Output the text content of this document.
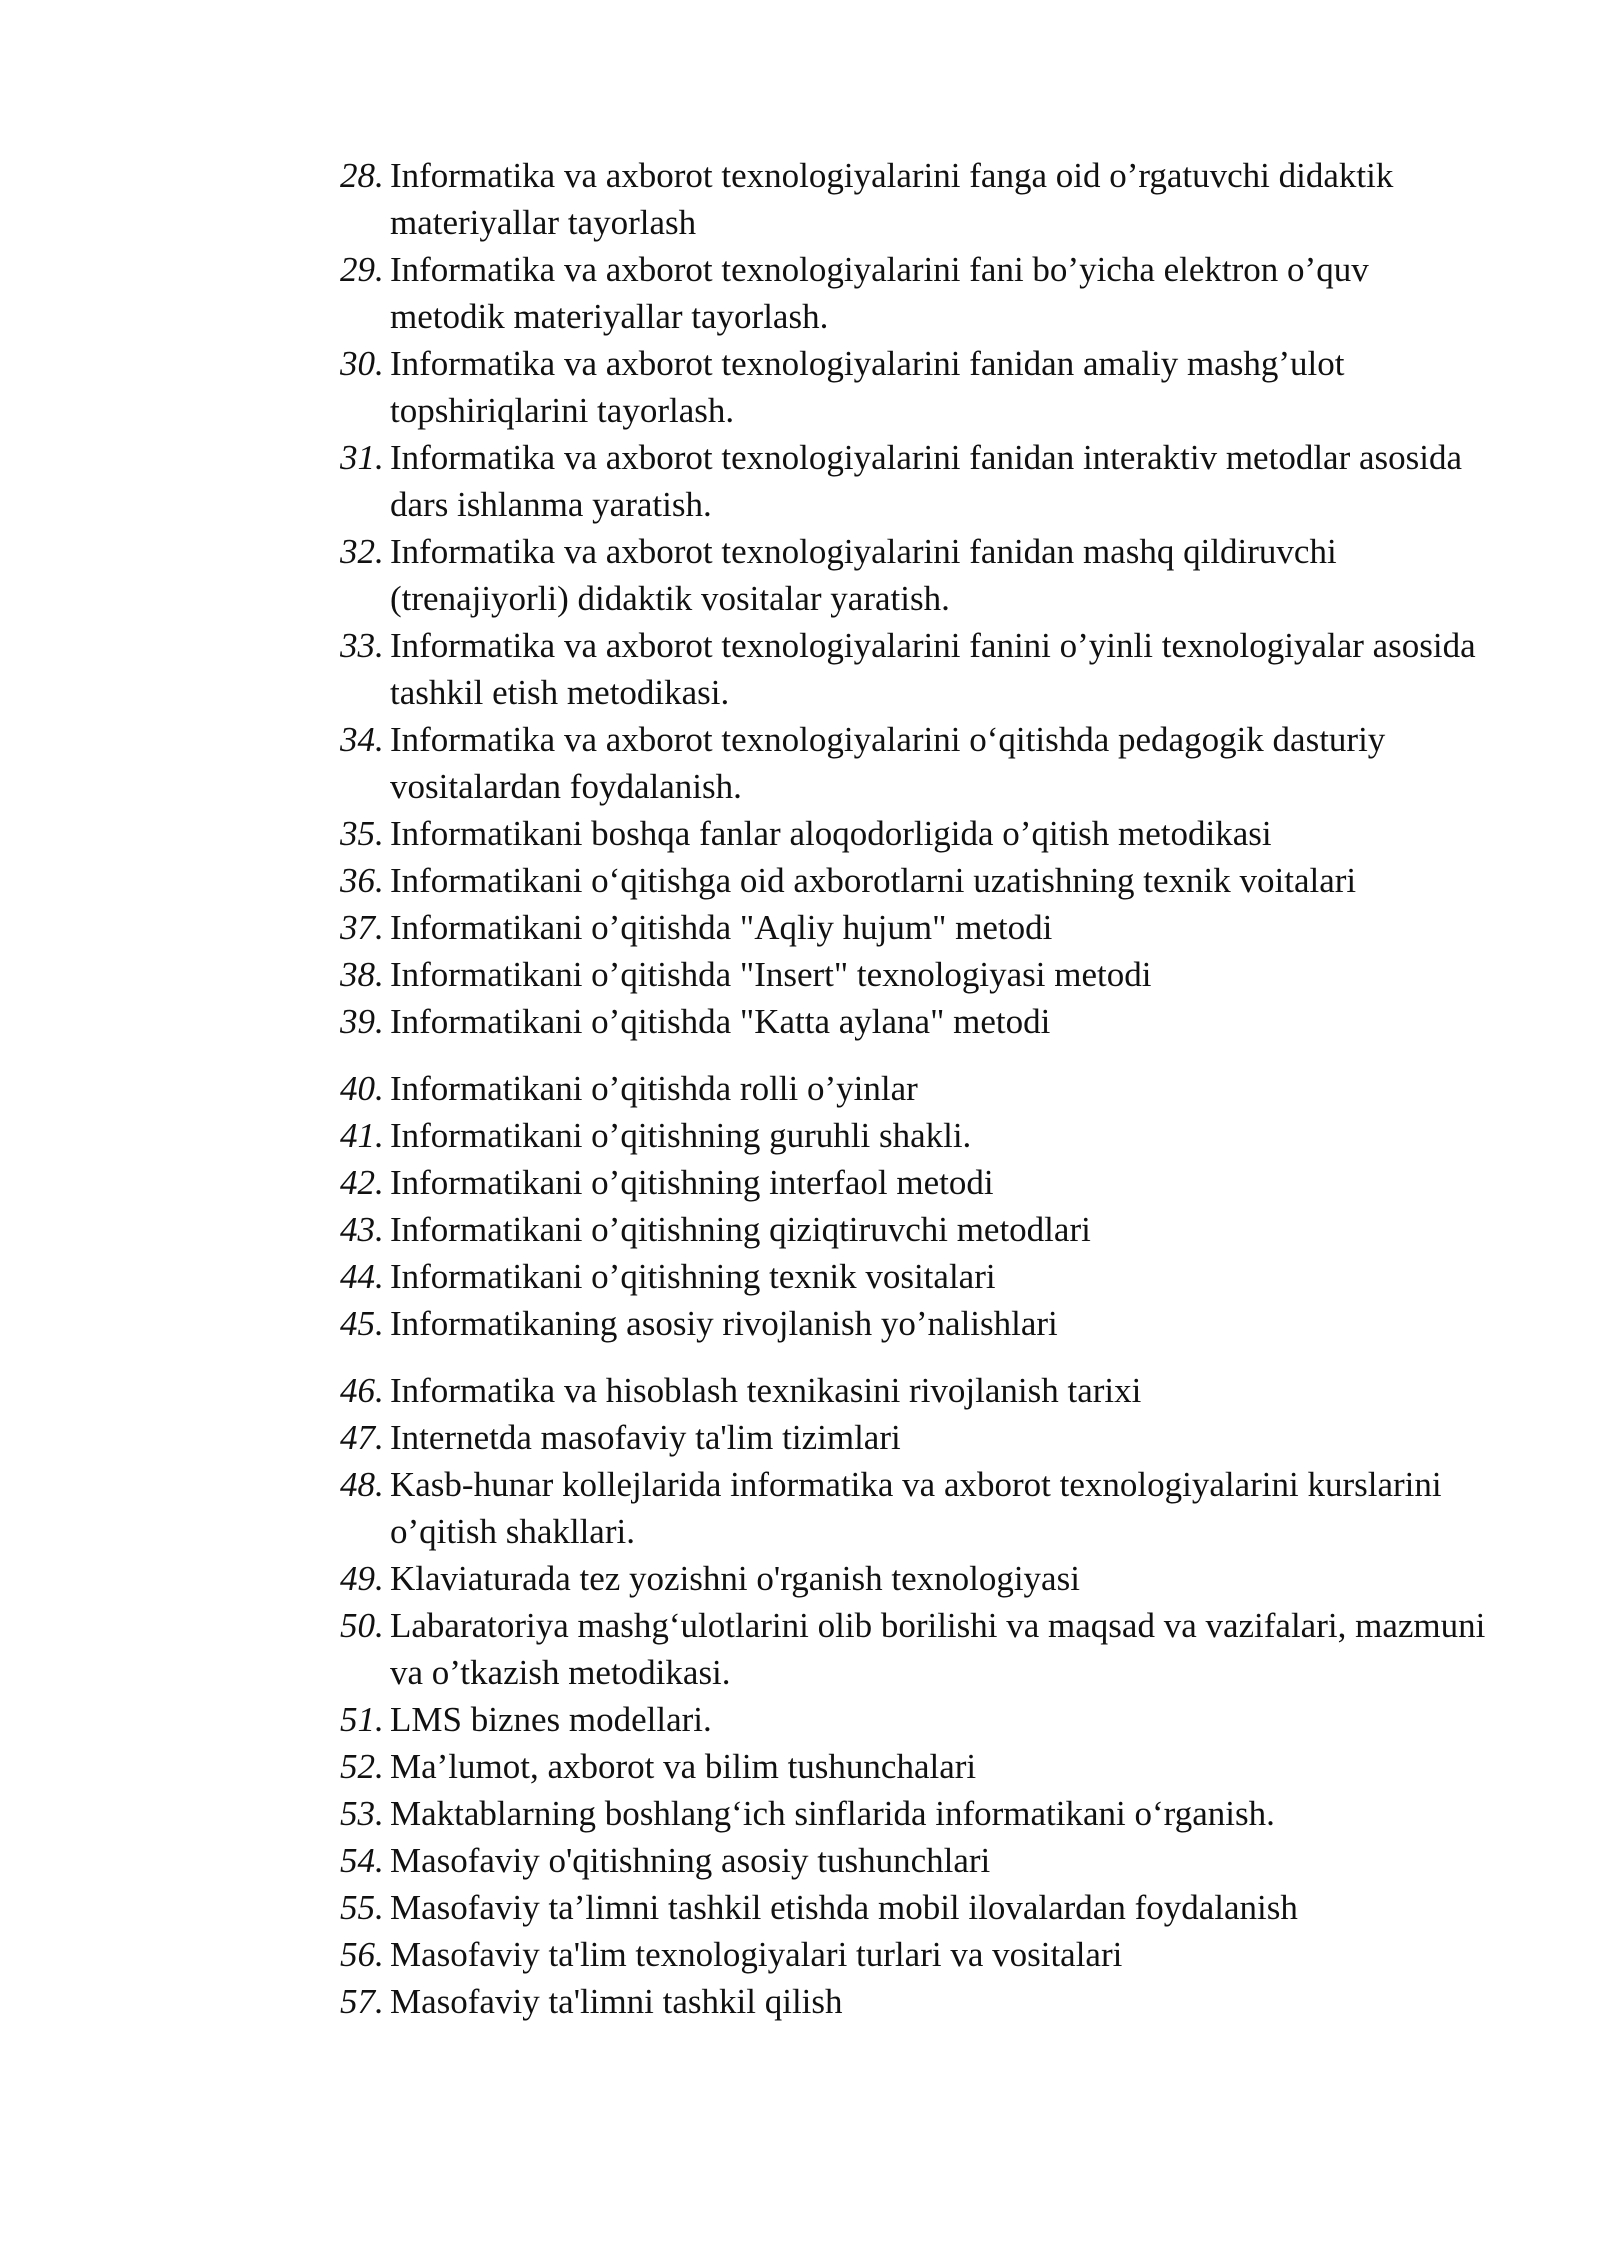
28. Informatika va axborot texnologiyalarini fanga oid o’rgatuvchi didaktik materiyallar tayorlash
29. Informatika va axborot texnologiyalarini fani bo’yicha elektron o’quv metodik materiyallar tayorlash.
30. Informatika va axborot texnologiyalarini fanidan amaliy mashg’ulot topshiriqlarini tayorlash.
31. Informatika va axborot texnologiyalarini fanidan interaktiv metodlar asosida dars ishlanma yaratish.
32. Informatika va axborot texnologiyalarini fanidan mashq qildiruvchi (trenajiyorli) didaktik vositalar yaratish.
33. Informatika va axborot texnologiyalarini fanini o’yinli texnologiyalar asosida tashkil etish metodikasi.
34. Informatika va axborot texnologiyalarini o‘qitishda pedagogik dasturiy vositalardan foydalanish.
35. Informatikani boshqa fanlar aloqodorligida o’qitish metodikasi
36. Informatikani o‘qitishga oid axborotlarni uzatishning texnik voitalari
37. Informatikani o’qitishda "Aqliy hujum" metodi
38. Informatikani o’qitishda "Insert" texnologiyasi metodi
39. Informatikani o’qitishda "Katta aylana" metodi
40. Informatikani o’qitishda rolli o’yinlar
41. Informatikani o’qitishning guruhli shakli.
42. Informatikani o’qitishning interfaol metodi
43. Informatikani o’qitishning qiziqtiruvchi metodlari
44. Informatikani o’qitishning texnik vositalari
45. Informatikaning asosiy rivojlanish yo’nalishlari
46. Informatika va hisoblash texnikasini rivojlanish tarixi
47. Internetda masofaviy ta'lim tizimlari
48. Kasb-hunar kollejlarida informatika va axborot texnologiyalarini kurslarini o’qitish shakllari.
49. Klaviaturada tez yozishni o'rganish texnologiyasi
50. Labaratoriya mashg‘ulotlarini olib borilishi va maqsad va vazifalari, mazmuni va o’tkazish metodikasi.
51. LMS biznes modellari.
52. Ma’lumot, axborot va bilim tushunchalari
53. Maktablarning boshlang‘ich sinflarida informatikani o‘rganish.
54. Masofaviy o'qitishning asosiy tushunchlari
55. Masofaviy ta’limni tashkil etishda mobil ilovalardan foydalanish
56. Masofaviy ta'lim texnologiyalari turlari va vositalari
57. Masofaviy ta'limni tashkil qilish
